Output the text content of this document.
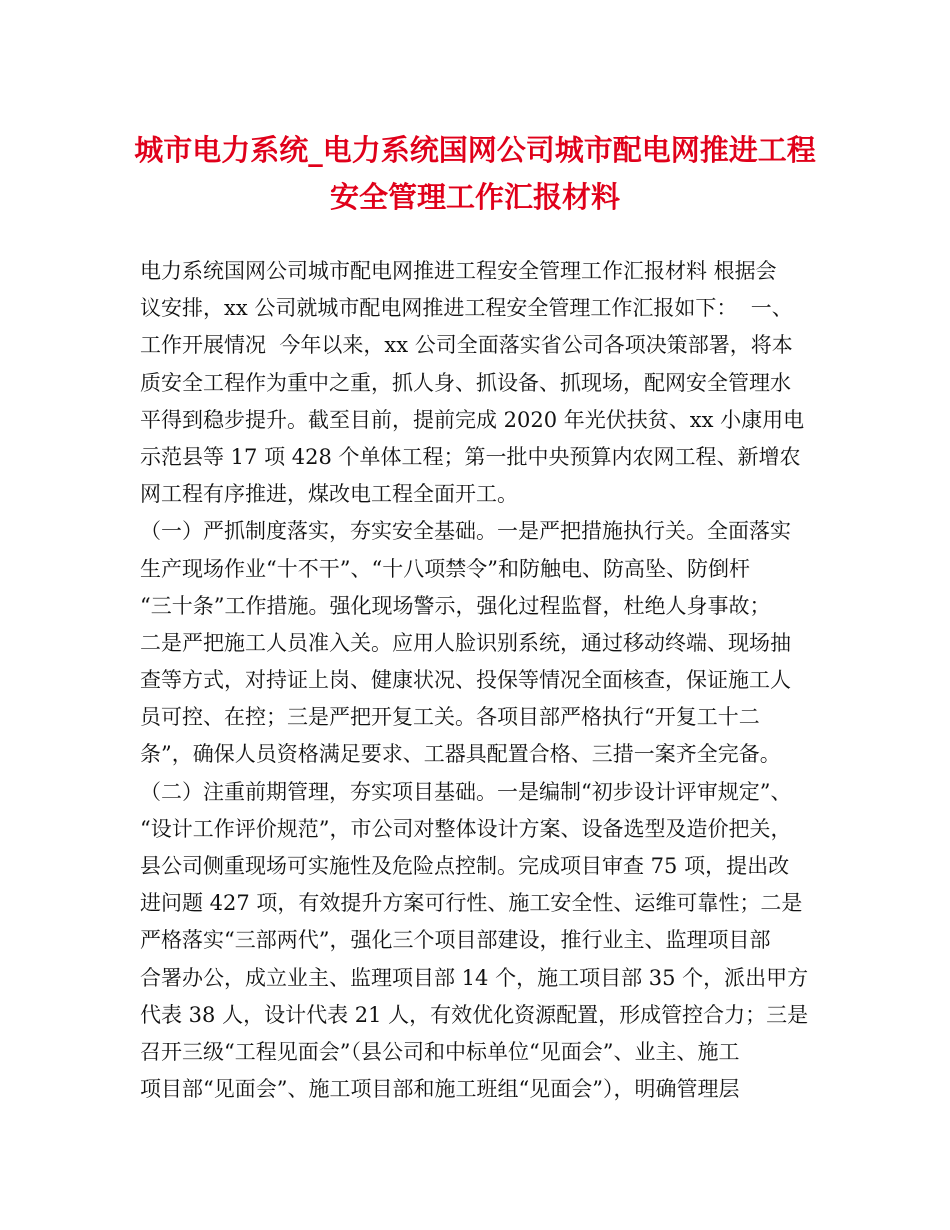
城市电力系统_电力系统国网公司城市配电网推进工程
安全管理工作汇报材料
电力系统国网公司城市配电网推进工程安全管理工作汇报材料 根据会
议安排，xx 公司就城市配电网推进工程安全管理工作汇报如下：  一、
工作开展情况  今年以来，xx 公司全面落实省公司各项决策部署，将本
质安全工程作为重中之重，抓人身、抓设备、抓现场，配网安全管理水
平得到稳步提升。截至目前，提前完成 2020 年光伏扶贫、xx 小康用电
示范县等 17 项 428 个单体工程；第一批中央预算内农网工程、新增农
网工程有序推进，煤改电工程全面开工。
（一）严抓制度落实，夯实安全基础。一是严把措施执行关。全面落实
生产现场作业“十不干”、“十八项禁令”和防触电、防高坠、防倒杆
“三十条”工作措施。强化现场警示，强化过程监督，杜绝人身事故；
二是严把施工人员准入关。应用人脸识别系统，通过移动终端、现场抽
查等方式，对持证上岗、健康状况、投保等情况全面核查，保证施工人
员可控、在控；三是严把开复工关。各项目部严格执行“开复工十二
条”，确保人员资格满足要求、工器具配置合格、三措一案齐全完备。
（二）注重前期管理，夯实项目基础。一是编制“初步设计评审规定”、
“设计工作评价规范”，市公司对整体设计方案、设备选型及造价把关，
县公司侧重现场可实施性及危险点控制。完成项目审查 75 项，提出改
进问题 427 项，有效提升方案可行性、施工安全性、运维可靠性；二是
严格落实“三部两代”，强化三个项目部建设，推行业主、监理项目部
合署办公，成立业主、监理项目部 14 个，施工项目部 35 个，派出甲方
代表 38 人，设计代表 21 人，有效优化资源配置，形成管控合力；三是
召开三级“工程见面会”（县公司和中标单位“见面会”、业主、施工
项目部“见面会”、施工项目部和施工班组“见面会”），明确管理层
